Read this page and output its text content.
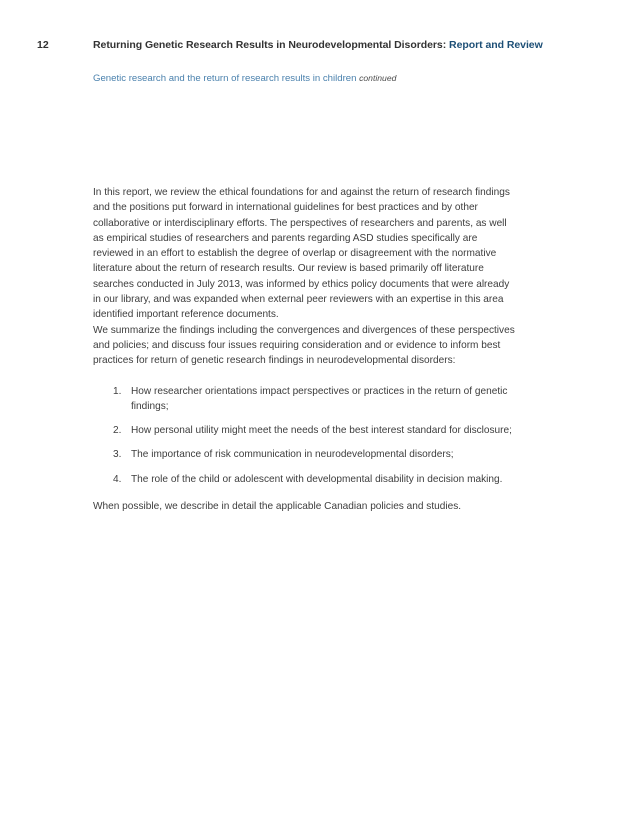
12	Returning Genetic Research Results in Neurodevelopmental Disorders: Report and Review
Genetic research and the return of research results in children continued

In this report, we review the ethical foundations for and against the return of research findings and the positions put forward in international guidelines for best practices and by other collaborative or interdisciplinary efforts. The perspectives of researchers and parents, as well as empirical studies of researchers and parents regarding ASD studies specifically are reviewed in an effort to establish the degree of overlap or disagreement with the normative literature about the return of research results. Our review is based primarily off literature searches conducted in July 2013, was informed by ethics policy documents that were already in our library, and was expanded when external peer reviewers with an expertise in this area identified important reference documents.

We summarize the findings including the convergences and divergences of these perspectives and policies; and discuss four issues requiring consideration and or evidence to inform best practices for return of genetic research findings in neurodevelopmental disorders:

1. How researcher orientations impact perspectives or practices in the return of genetic findings;
2. How personal utility might meet the needs of the best interest standard for disclosure;
3. The importance of risk communication in neurodevelopmental disorders;
4. The role of the child or adolescent with developmental disability in decision making.

When possible, we describe in detail the applicable Canadian policies and studies.
